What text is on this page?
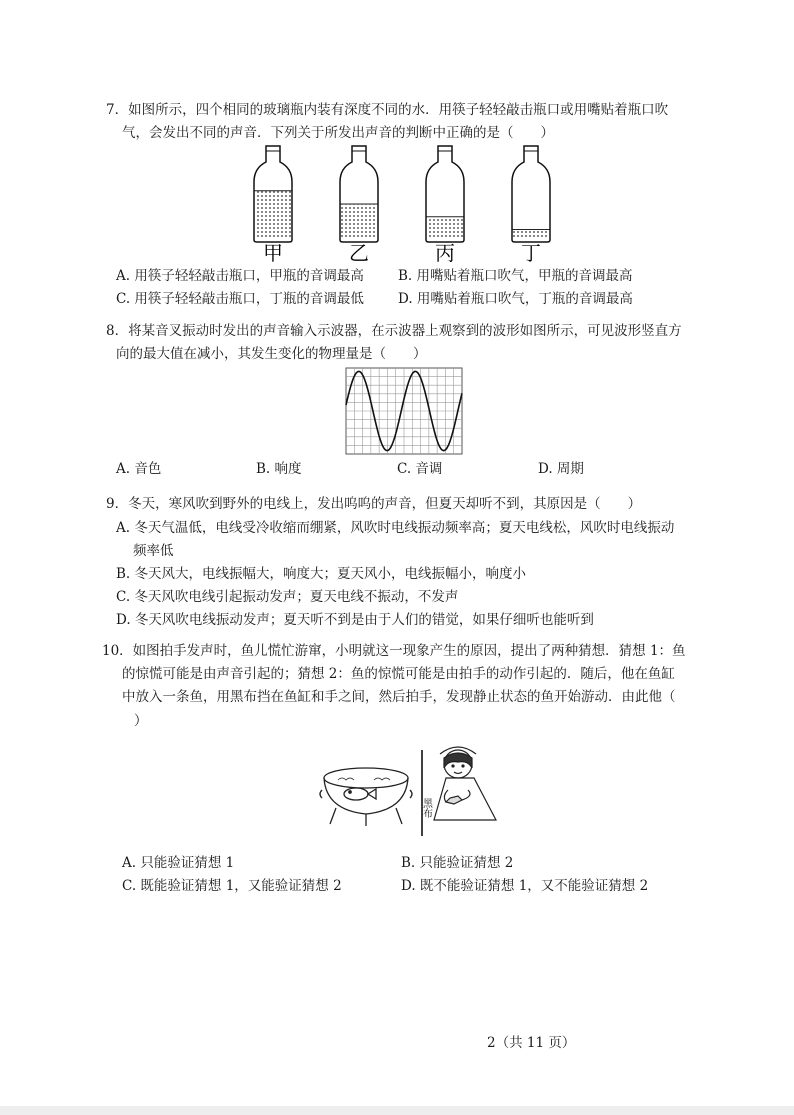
7．如图所示，四个相同的玻璃瓶内装有深度不同的水．用筷子轻轻敲击瓶口或用嘴贴着瓶口吹
气，会发出不同的声音．下列关于所发出声音的判断中正确的是（　　）
甲	乙	丙	丁
A. 用筷子轻轻敲击瓶口，甲瓶的音调最高	B. 用嘴贴着瓶口吹气，甲瓶的音调最高
C. 用筷子轻轻敲击瓶口，丁瓶的音调最低	D. 用嘴贴着瓶口吹气，丁瓶的音调最高
8．将某音叉振动时发出的声音输入示波器，在示波器上观察到的波形如图所示，可见波形竖直方
向的最大值在减小，其发生变化的物理量是（　　）
A. 音色	B. 响度	C. 音调	D. 周期
9．冬天，寒风吹到野外的电线上，发出呜呜的声音，但夏天却听不到，其原因是（　　）
A. 冬天气温低，电线受冷收缩而绷紧，风吹时电线振动频率高；夏天电线松，风吹时电线振动
频率低
B. 冬天风大，电线振幅大，响度大；夏天风小，电线振幅小，响度小
C. 冬天风吹电线引起振动发声；夏天电线不振动，不发声
D. 冬天风吹电线振动发声；夏天听不到是由于人们的错觉，如果仔细听也能听到
10．如图拍手发声时，鱼儿慌忙游窜，小明就这一现象产生的原因，提出了两种猜想．猜想 1：鱼
的惊慌可能是由声音引起的；猜想 2：鱼的惊慌可能是由拍手的动作引起的．随后，他在鱼缸
中放入一条鱼，用黑布挡在鱼缸和手之间，然后拍手，发现静止状态的鱼开始游动．由此他（
）
黑布
A. 只能验证猜想 1	B. 只能验证猜想 2
C. 既能验证猜想 1，又能验证猜想 2	D. 既不能验证猜想 1，又不能验证猜想 2
2（共 11 页）
